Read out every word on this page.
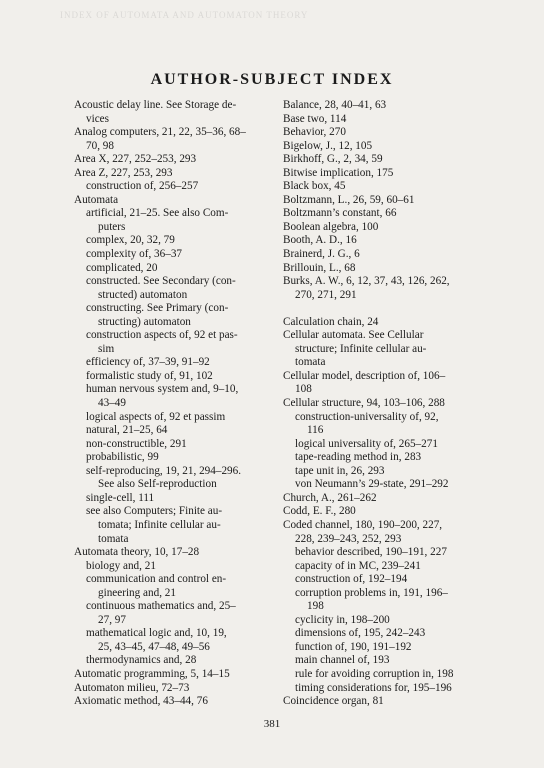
INDEX OF AUTOMATA AND AUTOMATON THEORY
AUTHOR-SUBJECT INDEX

Acoustic delay line. See Storage de-

vices

Analog computers, 21, 22, 35–36, 68–

70, 98

Area X, 227, 252–253, 293

Area Z, 227, 253, 293

construction of, 256–257

Automata

artificial, 21–25. See also Com-

puters

complex, 20, 32, 79

complexity of, 36–37

complicated, 20

constructed. See Secondary (con-

structed) automaton

constructing. See Primary (con-

structing) automaton

construction aspects of, 92 et pas-

sim

efficiency of, 37–39, 91–92

formalistic study of, 91, 102

human nervous system and, 9–10,

43–49

logical aspects of, 92 et passim

natural, 21–25, 64

non-constructible, 291

probabilistic, 99

self-reproducing, 19, 21, 294–296.

See also Self-reproduction

single-cell, 111

see also Computers; Finite au-

tomata; Infinite cellular au-

tomata

Automata theory, 10, 17–28

biology and, 21

communication and control en-

gineering and, 21

continuous mathematics and, 25–

27, 97

mathematical logic and, 10, 19,

25, 43–45, 47–48, 49–56

thermodynamics and, 28

Automatic programming, 5, 14–15

Automaton milieu, 72–73

Axiomatic method, 43–44, 76

Balance, 28, 40–41, 63

Base two, 114

Behavior, 270

Bigelow, J., 12, 105

Birkhoff, G., 2, 34, 59

Bitwise implication, 175

Black box, 45

Boltzmann, L., 26, 59, 60–61

Boltzmann’s constant, 66

Boolean algebra, 100

Booth, A. D., 16

Brainerd, J. G., 6

Brillouin, L., 68

Burks, A. W., 6, 12, 37, 43, 126, 262,

270, 271, 291

Calculation chain, 24

Cellular automata. See Cellular

structure; Infinite cellular au-

tomata

Cellular model, description of, 106–

108

Cellular structure, 94, 103–106, 288

construction-universality of, 92,

116

logical universality of, 265–271

tape-reading method in, 283

tape unit in, 26, 293

von Neumann’s 29-state, 291–292

Church, A., 261–262

Codd, E. F., 280

Coded channel, 180, 190–200, 227,

228, 239–243, 252, 293

behavior described, 190–191, 227

capacity of in MC, 239–241

construction of, 192–194

corruption problems in, 191, 196–

198

cyclicity in, 198–200

dimensions of, 195, 242–243

function of, 190, 191–192

main channel of, 193

rule for avoiding corruption in, 198

timing considerations for, 195–196

Coincidence organ, 81

381
